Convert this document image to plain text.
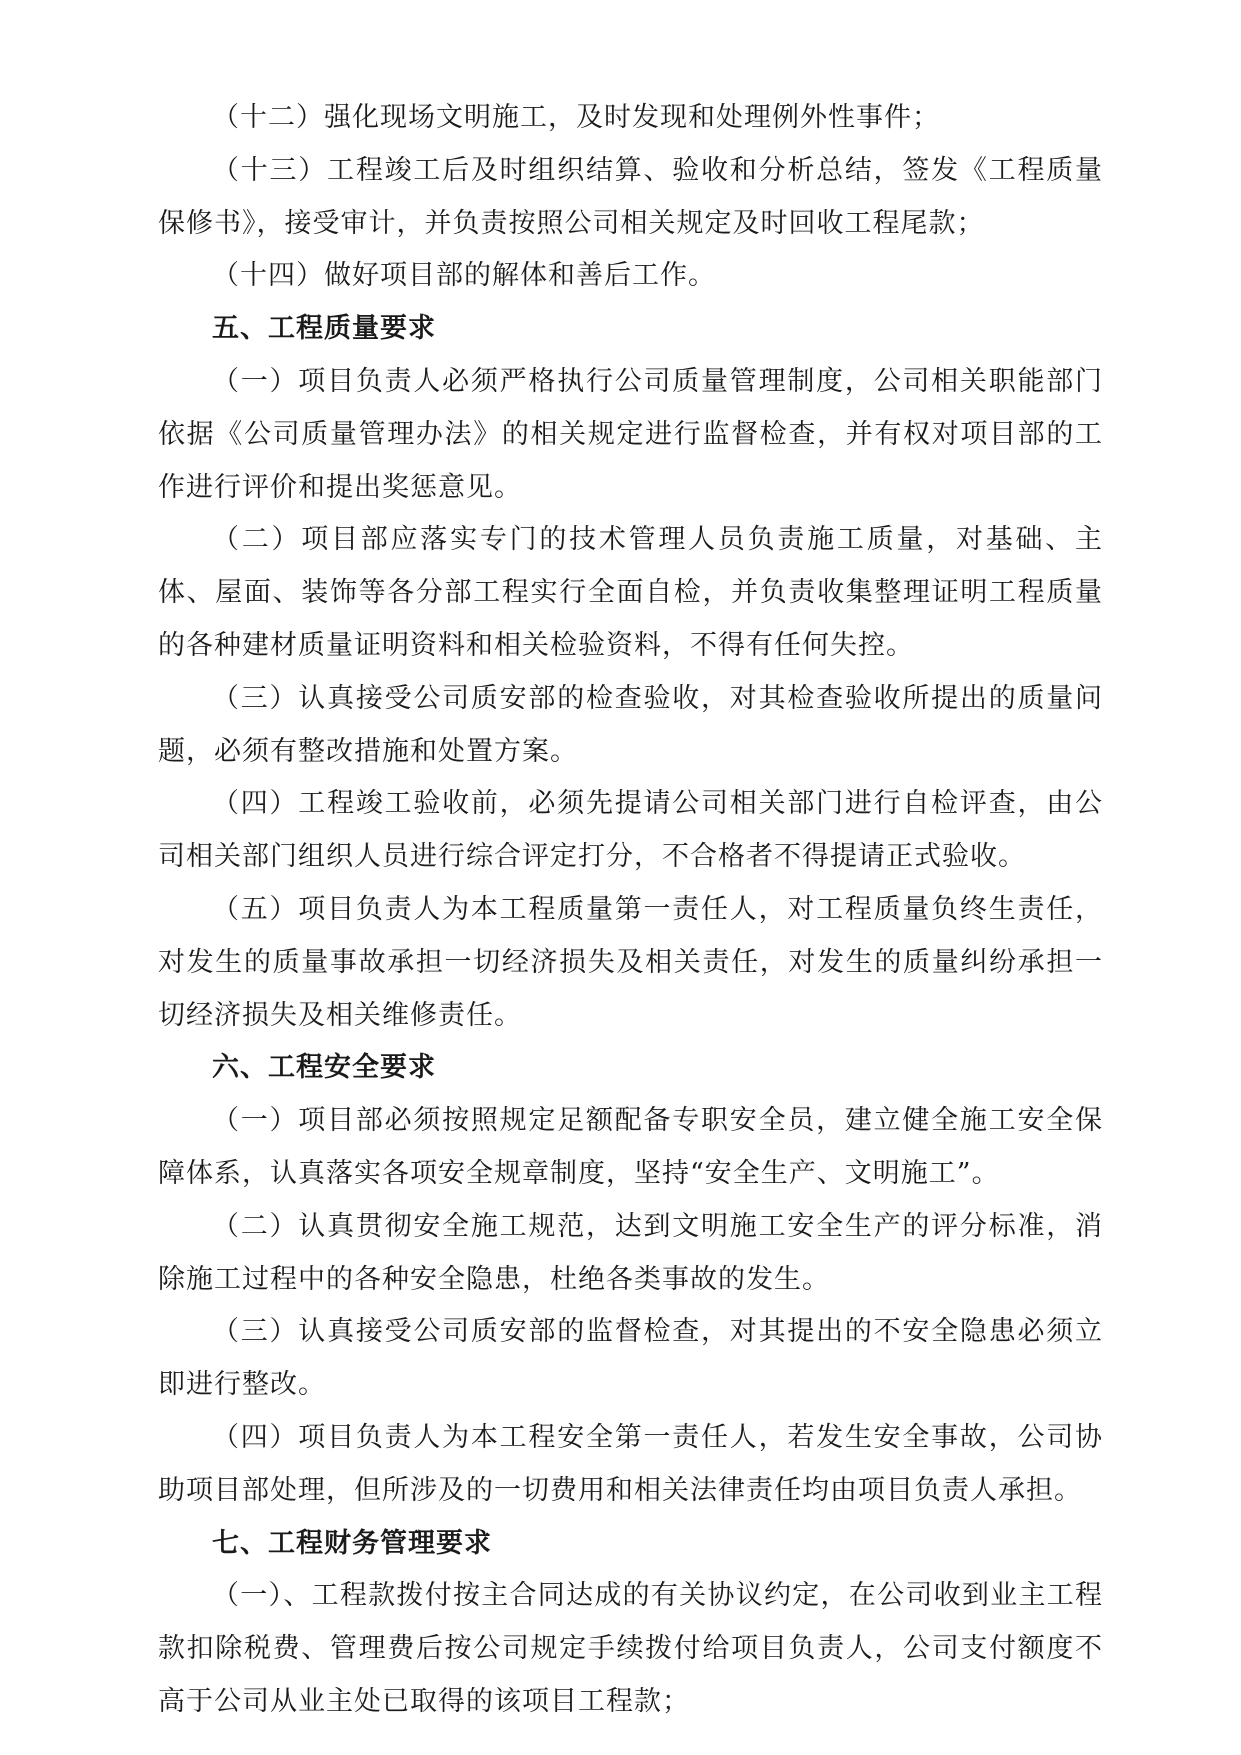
（十二）强化现场文明施工，及时发现和处理例外性事件；

（十三）工程竣工后及时组织结算、验收和分析总结，签发《工程质量保修书》，接受审计，并负责按照公司相关规定及时回收工程尾款；

（十四）做好项目部的解体和善后工作。

五、工程质量要求

（一）项目负责人必须严格执行公司质量管理制度，公司相关职能部门依据《公司质量管理办法》的相关规定进行监督检查，并有权对项目部的工作进行评价和提出奖惩意见。

（二）项目部应落实专门的技术管理人员负责施工质量，对基础、主体、屋面、装饰等各分部工程实行全面自检，并负责收集整理证明工程质量的各种建材质量证明资料和相关检验资料，不得有任何失控。

（三）认真接受公司质安部的检查验收，对其检查验收所提出的质量问题，必须有整改措施和处置方案。

（四）工程竣工验收前，必须先提请公司相关部门进行自检评查，由公司相关部门组织人员进行综合评定打分，不合格者不得提请正式验收。

（五）项目负责人为本工程质量第一责任人，对工程质量负终生责任，对发生的质量事故承担一切经济损失及相关责任，对发生的质量纠纷承担一切经济损失及相关维修责任。

六、工程安全要求

（一）项目部必须按照规定足额配备专职安全员，建立健全施工安全保障体系，认真落实各项安全规章制度，坚持“安全生产、文明施工”。

（二）认真贯彻安全施工规范，达到文明施工安全生产的评分标准，消除施工过程中的各种安全隐患，杜绝各类事故的发生。

（三）认真接受公司质安部的监督检查，对其提出的不安全隐患必须立即进行整改。

（四）项目负责人为本工程安全第一责任人，若发生安全事故，公司协助项目部处理，但所涉及的一切费用和相关法律责任均由项目负责人承担。

七、工程财务管理要求

（一）、工程款拨付按主合同达成的有关协议约定，在公司收到业主工程款扣除税费、管理费后按公司规定手续拨付给项目负责人，公司支付额度不高于公司从业主处已取得的该项目工程款；
